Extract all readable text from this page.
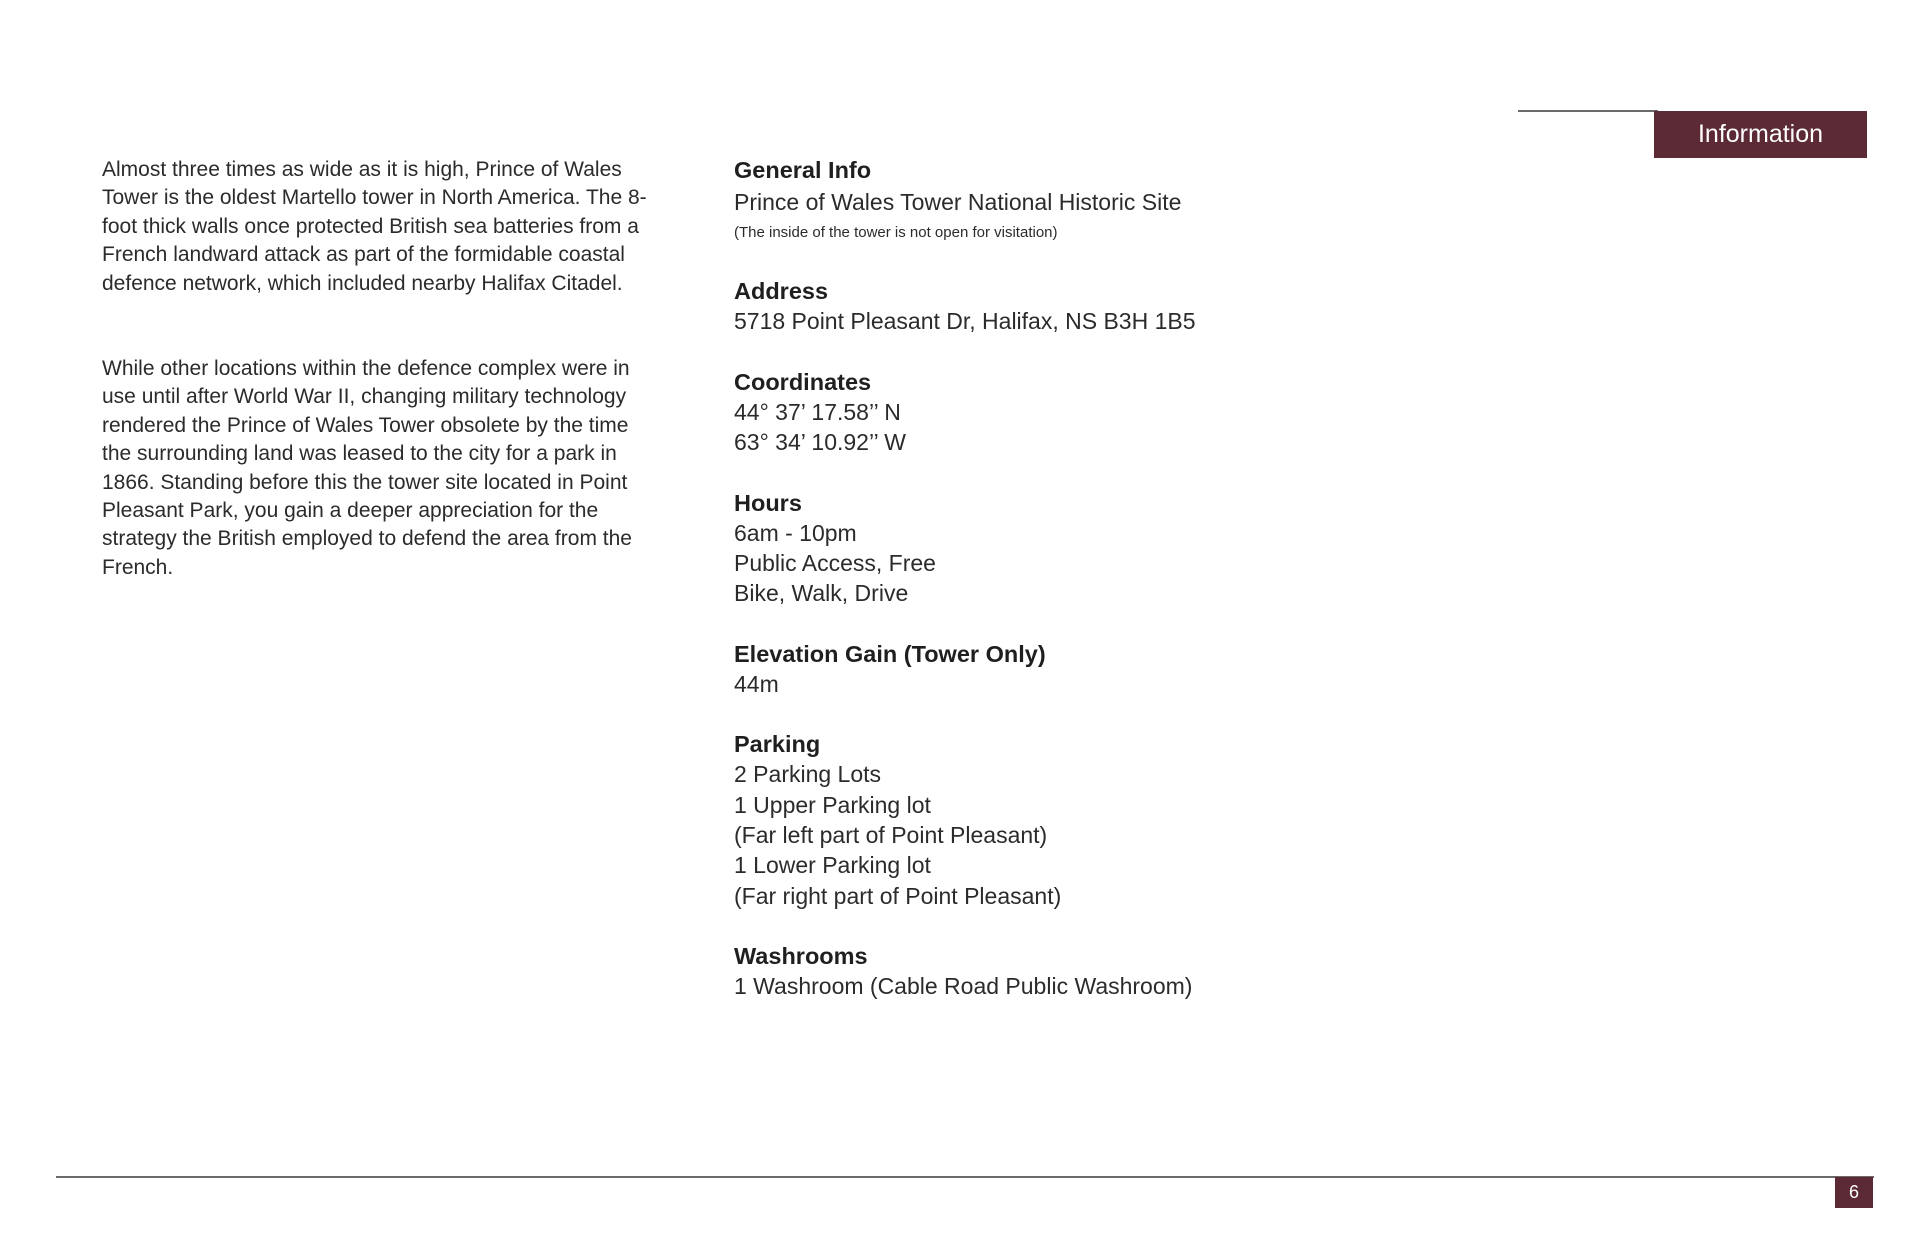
Information

Almost three times as wide as it is high, Prince of Wales Tower is the oldest Martello tower in North America. The 8-foot thick walls once protected British sea batteries from a French landward attack as part of the formidable coastal defence network, which included nearby Halifax Citadel.

While other locations within the defence complex were in use until after World War II, changing military technology rendered the Prince of Wales Tower obsolete by the time the surrounding land was leased to the city for a park in 1866. Standing before this the tower site located in Point Pleasant Park, you gain a deeper appreciation for the strategy the British employed to defend the area from the French.

General Info

Prince of Wales Tower National Historic Site

(The inside of the tower is not open for visitation)

Address

5718 Point Pleasant Dr, Halifax, NS B3H 1B5

Coordinates

44° 37’ 17.58’’ N

63° 34’ 10.92’’ W

Hours

6am - 10pm

Public Access, Free

Bike, Walk, Drive

Elevation Gain (Tower Only)

44m

Parking

2 Parking Lots

1 Upper Parking lot

(Far left part of Point Pleasant)

1 Lower Parking lot

(Far right part of Point Pleasant)

Washrooms

1 Washroom (Cable Road Public Washroom)

6
